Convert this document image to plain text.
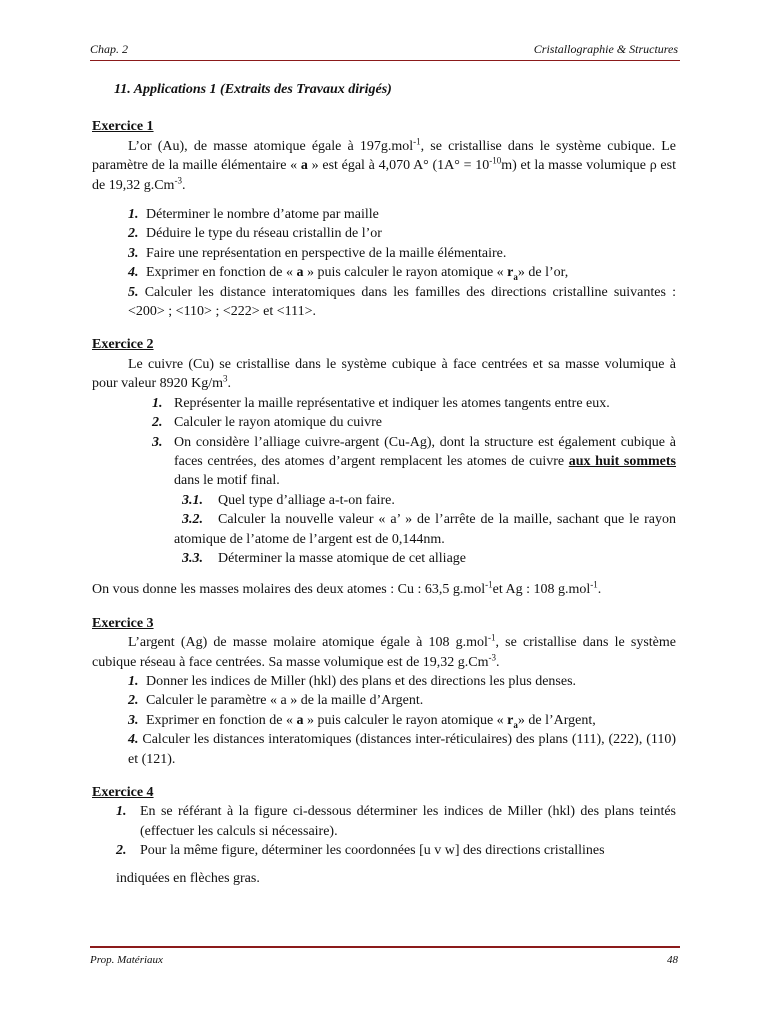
Chap. 2	Cristallographie & Structures
11. Applications 1 (Extraits des Travaux dirigés)
Exercice 1

L’or (Au), de masse atomique égale à 197g.mol$^{-1}$, se cristallise dans le système cubique. Le paramètre de la maille élémentaire « a » est égal à 4,070 A° $(1A^\circ = 10^{-10}m)$ et la masse volumique ρ est de 19,32 $g.Cm^{-3}$.

1. Déterminer le nombre d’atome par maille
2. Déduire le type du réseau cristallin de l’or
3. Faire une représentation en perspective de la maille élémentaire.
4. Exprimer en fonction de « a » puis calculer le rayon atomique « $r_a$» de l’or,
5. Calculer les distance interatomiques dans les familles des directions cristalline suivantes : <200> ; <110> ; <222> et <111>.
Exercice 2

Le cuivre (Cu) se cristallise dans le système cubique à face centrées et sa masse volumique à pour valeur 8920 $Kg/m^3$.

1. Représenter la maille représentative et indiquer les atomes tangents entre eux.
2. Calculer le rayon atomique du cuivre
3. On considère l’alliage cuivre-argent (Cu-Ag), dont la structure est également cubique à faces centrées, des atomes d’argent remplacent les atomes de cuivre aux huit sommets dans le motif final.
3.1. Quel type d’alliage a-t-on faire.
3.2. Calculer la nouvelle valeur « a’ » de l’arrête de la maille, sachant que le rayon atomique de l’atome de l’argent est de 0,144nm.
3.3. Déterminer la masse atomique de cet alliage

On vous donne les masses molaires des deux atomes : Cu : 63,5 g.mol$^{-1}$et Ag : 108 g.mol$^{-1}$.

Exercice 3

L’argent (Ag) de masse molaire atomique égale à 108 g.mol$^{-1}$, se cristallise dans le système cubique réseau à face centrées. Sa masse volumique est de 19,32 $g.Cm^{-3}$.

1. Donner les indices de Miller (hkl) des plans et des directions les plus denses.
2. Calculer le paramètre « a » de la maille d’Argent.
3. Exprimer en fonction de « a » puis calculer le rayon atomique « $r_a$» de l’Argent,
4. Calculer les distances interatomiques (distances inter-réticulaires) des plans (111), (222), (110) et (121).
Exercice 4
1. En se référant à la figure ci-dessous déterminer les indices de Miller (hkl) des plans teintés (effectuer les calculs si nécessaire).
2. Pour la même figure, déterminer les coordonnées [u v w] des directions cristallines
indiquées en flèches gras.
Prop. Matériaux	48
